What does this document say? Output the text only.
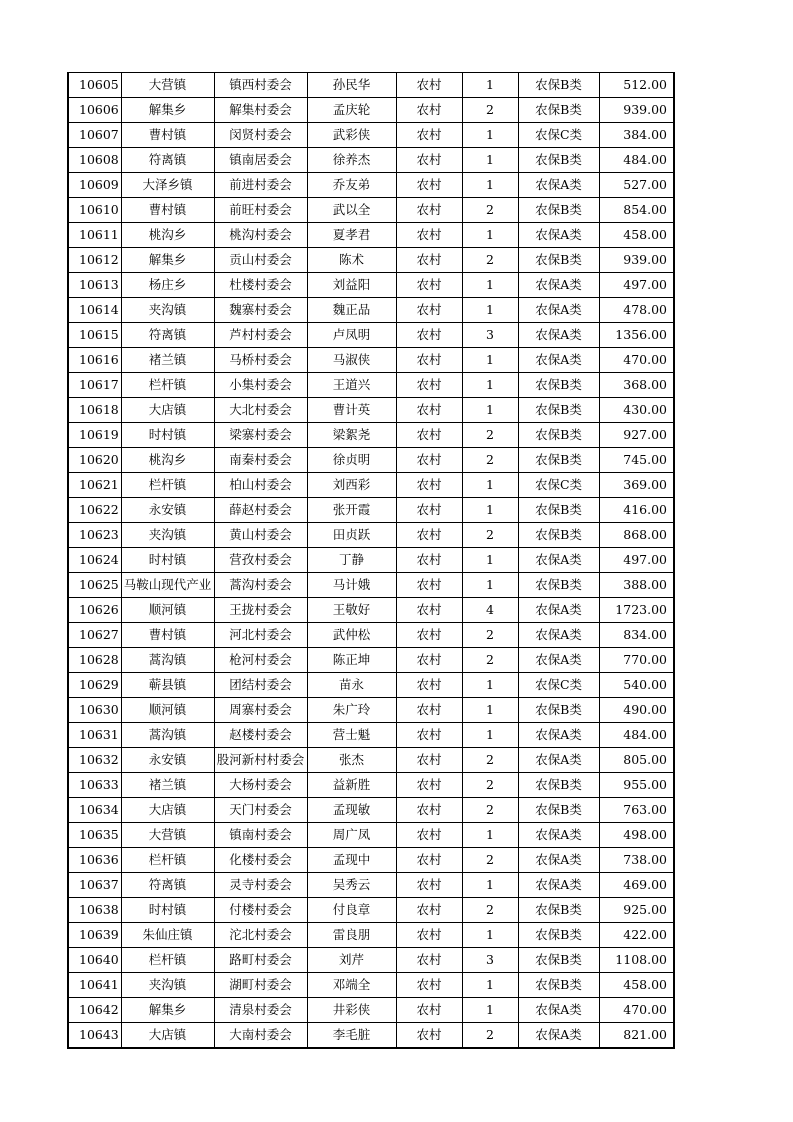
10605	大营镇	镇西村委会	孙民华	农村	1	农保B类	512.00
10606	解集乡	解集村委会	孟庆轮	农村	2	农保B类	939.00
10607	曹村镇	闵贤村委会	武彩侠	农村	1	农保C类	384.00
10608	符离镇	镇南居委会	徐养杰	农村	1	农保B类	484.00
10609	大泽乡镇	前进村委会	乔友弟	农村	1	农保A类	527.00
10610	曹村镇	前旺村委会	武以全	农村	2	农保B类	854.00
10611	桃沟乡	桃沟村委会	夏孝君	农村	1	农保A类	458.00
10612	解集乡	贡山村委会	陈术	农村	2	农保B类	939.00
10613	杨庄乡	杜楼村委会	刘益阳	农村	1	农保A类	497.00
10614	夹沟镇	魏寨村委会	魏正品	农村	1	农保A类	478.00
10615	符离镇	芦村村委会	卢凤明	农村	3	农保A类	1356.00
10616	褚兰镇	马桥村委会	马淑侠	农村	1	农保A类	470.00
10617	栏杆镇	小集村委会	王道兴	农村	1	农保B类	368.00
10618	大店镇	大北村委会	曹计英	农村	1	农保B类	430.00
10619	时村镇	梁寨村委会	梁絮尧	农村	2	农保B类	927.00
10620	桃沟乡	南秦村委会	徐贞明	农村	2	农保B类	745.00
10621	栏杆镇	柏山村委会	刘西彩	农村	1	农保C类	369.00
10622	永安镇	薛赵村委会	张开霞	农村	1	农保B类	416.00
10623	夹沟镇	黄山村委会	田贞跃	农村	2	农保B类	868.00
10624	时村镇	营孜村委会	丁静	农村	1	农保A类	497.00
10625	马鞍山现代产业	蒿沟村委会	马计娥	农村	1	农保B类	388.00
10626	顺河镇	王拢村委会	王敬好	农村	4	农保A类	1723.00
10627	曹村镇	河北村委会	武仲松	农村	2	农保A类	834.00
10628	蒿沟镇	枪河村委会	陈正坤	农村	2	农保A类	770.00
10629	蕲县镇	团结村委会	苗永	农村	1	农保C类	540.00
10630	顺河镇	周寨村委会	朱广玲	农村	1	农保B类	490.00
10631	蒿沟镇	赵楼村委会	营士魁	农村	1	农保A类	484.00
10632	永安镇	股河新村村委会	张杰	农村	2	农保A类	805.00
10633	褚兰镇	大杨村委会	益新胜	农村	2	农保B类	955.00
10634	大店镇	天门村委会	孟现敏	农村	2	农保B类	763.00
10635	大营镇	镇南村委会	周广凤	农村	1	农保A类	498.00
10636	栏杆镇	化楼村委会	孟现中	农村	2	农保A类	738.00
10637	符离镇	灵寺村委会	吴秀云	农村	1	农保A类	469.00
10638	时村镇	付楼村委会	付良章	农村	2	农保B类	925.00
10639	朱仙庄镇	沱北村委会	雷良朋	农村	1	农保B类	422.00
10640	栏杆镇	路町村委会	刘芹	农村	3	农保B类	1108.00
10641	夹沟镇	湖町村委会	邓端全	农村	1	农保B类	458.00
10642	解集乡	清泉村委会	井彩侠	农村	1	农保A类	470.00
10643	大店镇	大南村委会	李毛脏	农村	2	农保A类	821.00
